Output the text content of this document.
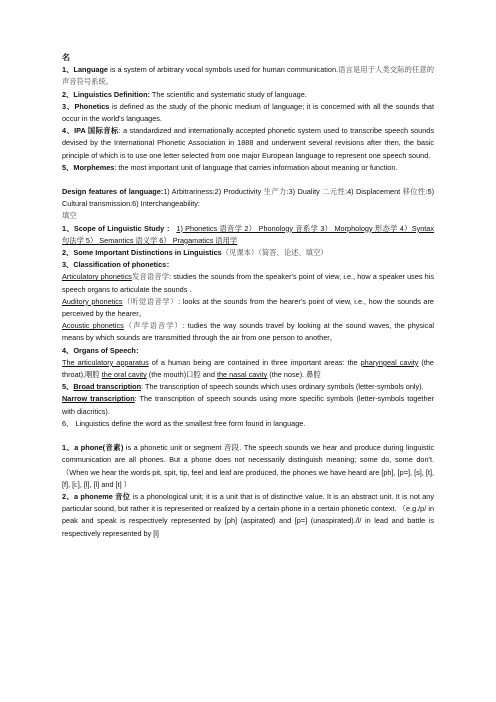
名

1、Language is a system of arbitrary vocal symbols used for human communication.语言是用于人类交际的任意的声音符号系统。

2、Linguistics Definition: The scientific and systematic study of language.

3、Phonetics is defined as the study of the phonic medium of language; it is concerned with all the sounds that occur in the world's languages.

4、IPA 国际音标: a standardized and internationally accepted phonetic system used to transcribe speech sounds devised by the International Phonetic Association in 1888 and underwent several revisions after then, the basic principle of which is to use one letter selected from one major European language to represent one speech sound.

5、Morphemes: the most important unit of language that carries information about meaning or function.

Design features of language:1) Arbitrariness:2) Productivity 生产力:3) Duality 二元性:4) Displacement 移位性:5) Cultural transmission:6) Interchangeability:

填空

1、Scope of Linguistic Study ： 1) Phonetics 语音学 2） Phonology 音系学 3） Morphology 形态学 4）Syntax 句法学 5） Semantics 语义学 6） Pragamatics 语用学

2、Some Important Distinctions in Linguistics（见课本）（简答、论述、填空）

3、Classification of phonetics：

Articulatory phonetics发音语音学: studies the sounds from the speaker's point of view, i.e., how a speaker uses his speech organs to articulate the sounds .

Auditory phonetics（听觉语音学）: looks at the sounds from the hearer's point of view, i.e., how the sounds are perceived by the hearer。

Acoustic phonetics（声学语音学）: tudies the way sounds travel by looking at the sound waves, the physical means by which sounds are transmitted through the air from one person to another。

4、Organs of Speech：

The articulatory apparatus of a human being are contained in three important areas: the pharyngeal cavity (the throat),咽腔 the oral cavity (the mouth)口腔 and the nasal cavity (the nose). 鼻腔

5、Broad transcription: The transcription of speech sounds which uses ordinary symbols (letter-symbols only).

Narrow transcription: The transcription of speech sounds using more specific symbols (letter-symbols together with diacritics).

6、 Linguistics define the word as the smallest free form found in language.

1、a phone(音素) is a phonetic unit or segment 音段. The speech sounds we hear and produce during linguistic communication are all phones. But a phone does not necessarily distinguish meaning; some do, some don't. （When we hear the words pit, spit, tip, feel and leaf are produced, the phones we have heard are [ph], [p=], [s], [t], [f], [i:], [l], [l] and [t] ）

2、a phoneme 音位 is a phonological unit; it is a unit that is of distinctive value. It is an abstract unit. It is not any particular sound, but rather it is represented or realized by a certain phone in a certain phonetic context. （e.g./p/ in peak and speak is respectively represented by [ph] (aspirated) and [p=] (unaspirated)./l/ in lead and battle is respectively represented by [l]
